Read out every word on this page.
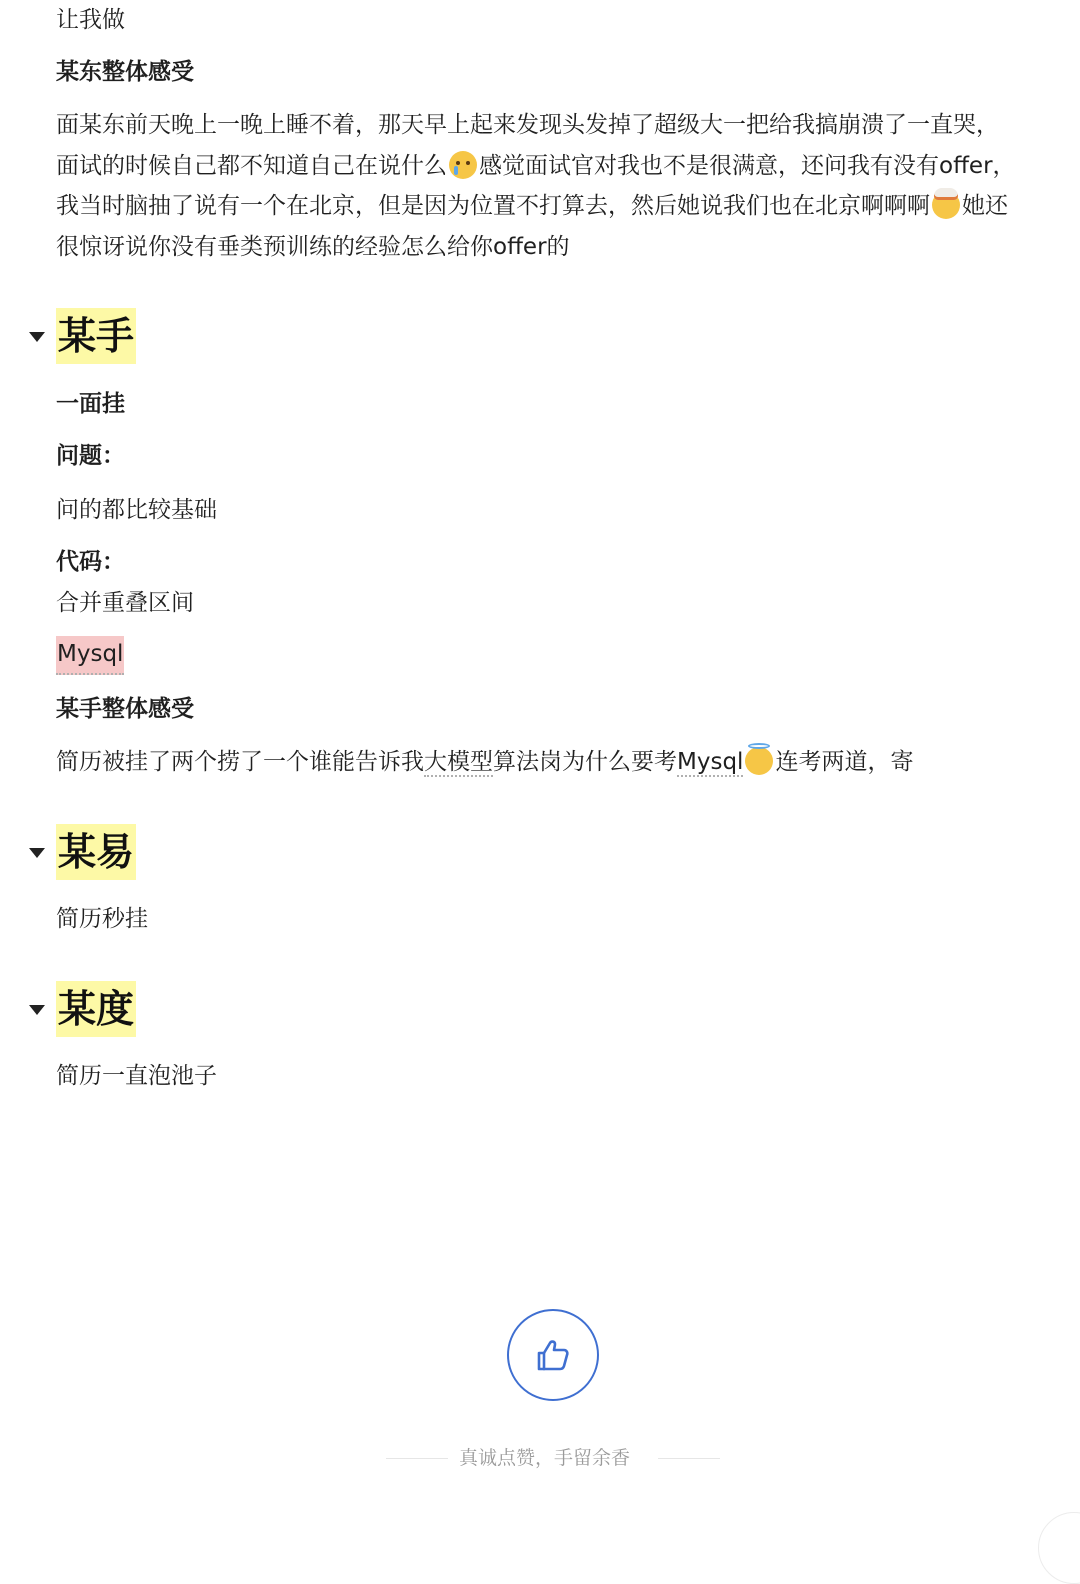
让我做
某东整体感受
面某东前天晚上一晚上睡不着，那天早上起来发现头发掉了超级大一把给我搞崩溃了一直哭，
面试的时候自己都不知道自己在说什么 感觉面试官对我也不是很满意，还问我有没有offer，
我当时脑抽了说有一个在北京，但是因为位置不打算去，然后她说我们也在北京啊啊啊 她还
很惊讶说你没有垂类预训练的经验怎么给你offer的
某手
一面挂
问题：
问的都比较基础
代码：
合并重叠区间
Mysql
某手整体感受
简历被挂了两个捞了一个谁能告诉我大模型算法岗为什么要考Mysql 连考两道，寄
某易
简历秒挂
某度
简历一直泡池子
真诚点赞，手留余香
